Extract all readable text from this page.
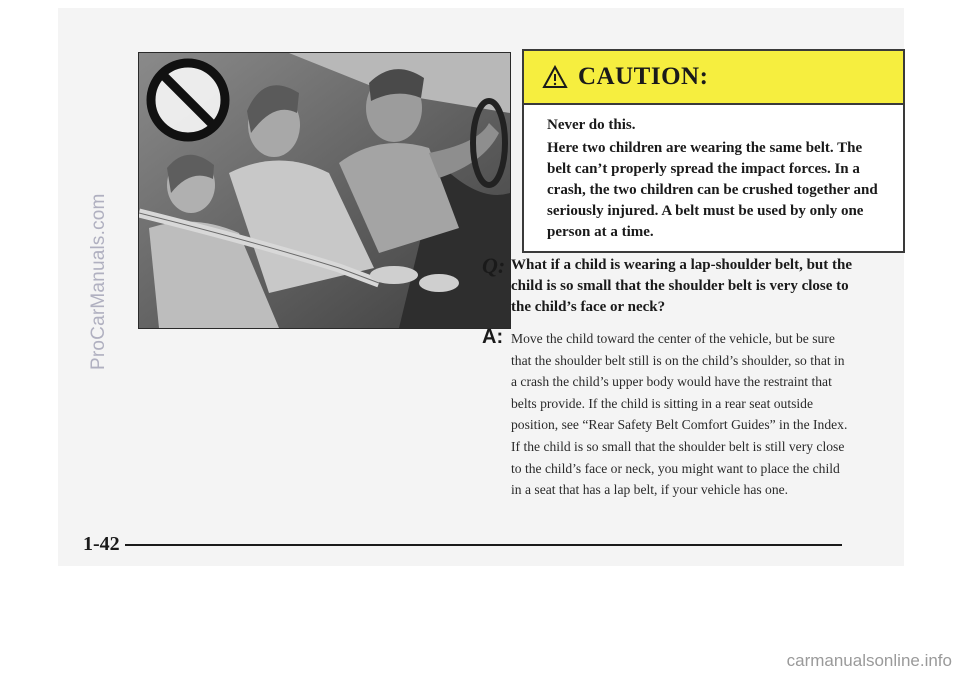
CAUTION:

Never do this.

Here two children are wearing the same belt. The belt can’t properly spread the impact forces. In a crash, the two children can be crushed together and seriously injured. A belt must be used by only one person at a time.

Q: What if a child is wearing a lap-shoulder belt, but the child is so small that the shoulder belt is very close to the child’s face or neck?
A: Move the child toward the center of the vehicle, but be sure that the shoulder belt still is on the child’s shoulder, so that in a crash the child’s upper body would have the restraint that belts provide. If the child is sitting in a rear seat outside position, see “Rear Safety Belt Comfort Guides” in the Index. If the child is so small that the shoulder belt is still very close to the child’s face or neck, you might want to place the child in a seat that has a lap belt, if your vehicle has one.
1-42
ProCarManuals.com
carmanualsonline.info
